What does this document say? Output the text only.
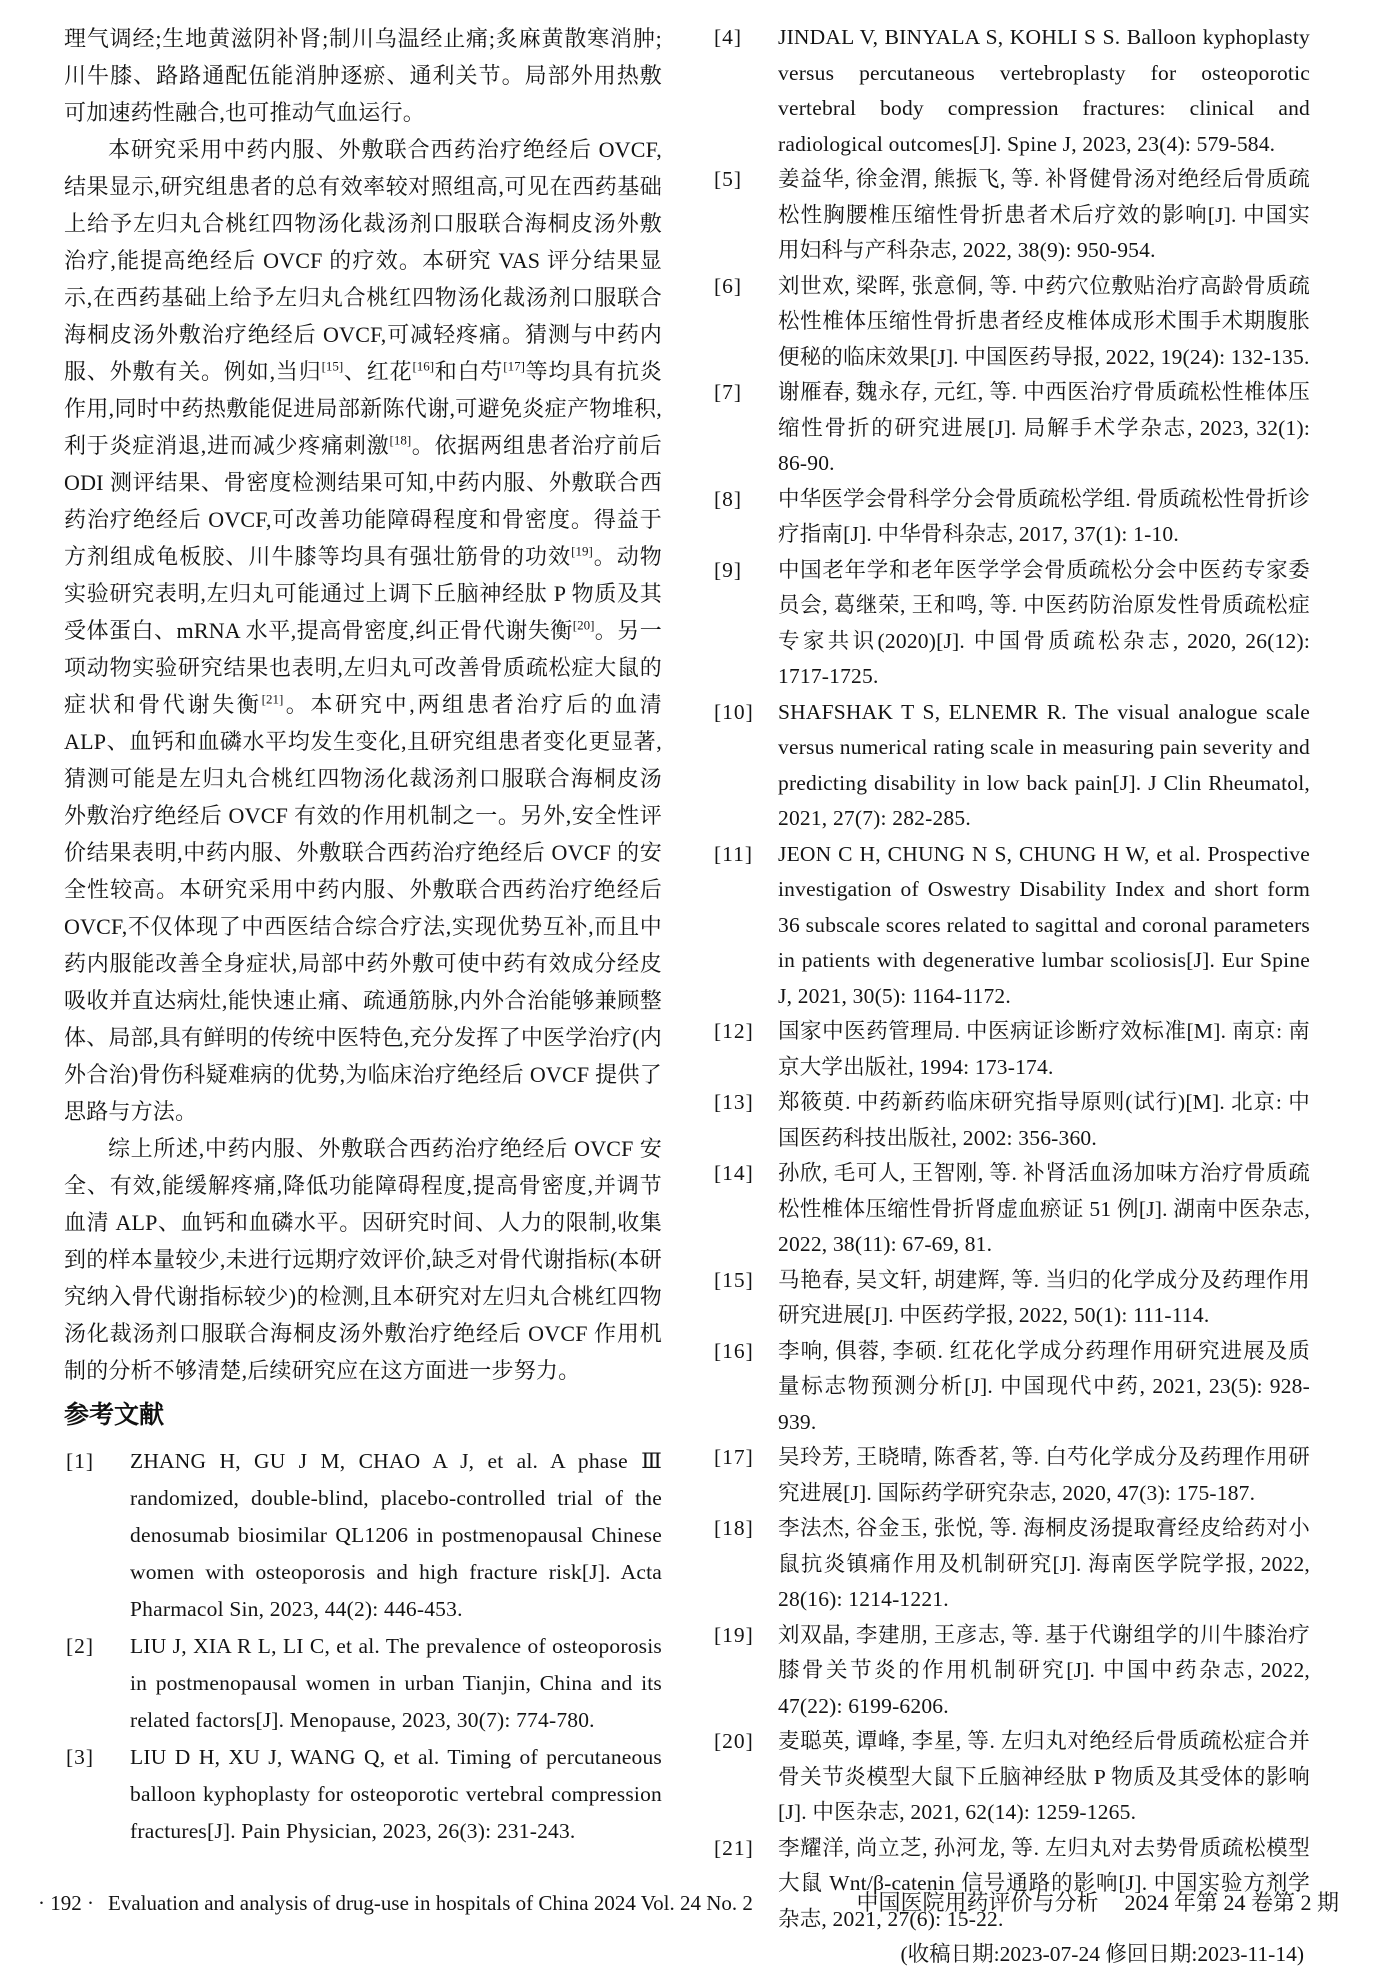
理气调经;生地黄滋阴补肾;制川乌温经止痛;炙麻黄散寒消肿;川牛膝、路路通配伍能消肿逐瘀、通利关节。局部外用热敷可加速药性融合,也可推动气血运行。

本研究采用中药内服、外敷联合西药治疗绝经后 OVCF,结果显示,研究组患者的总有效率较对照组高,可见在西药基础上给予左归丸合桃红四物汤化裁汤剂口服联合海桐皮汤外敷治疗,能提高绝经后 OVCF 的疗效。本研究 VAS 评分结果显示,在西药基础上给予左归丸合桃红四物汤化裁汤剂口服联合海桐皮汤外敷治疗绝经后 OVCF,可减轻疼痛。猜测与中药内服、外敷有关。例如,当归[15]、红花[16]和白芍[17]等均具有抗炎作用,同时中药热敷能促进局部新陈代谢,可避免炎症产物堆积,利于炎症消退,进而减少疼痛刺激[18]。依据两组患者治疗前后 ODI 测评结果、骨密度检测结果可知,中药内服、外敷联合西药治疗绝经后 OVCF,可改善功能障碍程度和骨密度。得益于方剂组成龟板胶、川牛膝等均具有强壮筋骨的功效[19]。动物实验研究表明,左归丸可能通过上调下丘脑神经肽 P 物质及其受体蛋白、mRNA 水平,提高骨密度,纠正骨代谢失衡[20]。另一项动物实验研究结果也表明,左归丸可改善骨质疏松症大鼠的症状和骨代谢失衡[21]。本研究中,两组患者治疗后的血清 ALP、血钙和血磷水平均发生变化,且研究组患者变化更显著,猜测可能是左归丸合桃红四物汤化裁汤剂口服联合海桐皮汤外敷治疗绝经后 OVCF 有效的作用机制之一。另外,安全性评价结果表明,中药内服、外敷联合西药治疗绝经后 OVCF 的安全性较高。本研究采用中药内服、外敷联合西药治疗绝经后 OVCF,不仅体现了中西医结合综合疗法,实现优势互补,而且中药内服能改善全身症状,局部中药外敷可使中药有效成分经皮吸收并直达病灶,能快速止痛、疏通筋脉,内外合治能够兼顾整体、局部,具有鲜明的传统中医特色,充分发挥了中医学治疗(内外合治)骨伤科疑难病的优势,为临床治疗绝经后 OVCF 提供了思路与方法。

综上所述,中药内服、外敷联合西药治疗绝经后 OVCF 安全、有效,能缓解疼痛,降低功能障碍程度,提高骨密度,并调节血清 ALP、血钙和血磷水平。因研究时间、人力的限制,收集到的样本量较少,未进行远期疗效评价,缺乏对骨代谢指标(本研究纳入骨代谢指标较少)的检测,且本研究对左归丸合桃红四物汤化裁汤剂口服联合海桐皮汤外敷治疗绝经后 OVCF 作用机制的分析不够清楚,后续研究应在这方面进一步努力。

参考文献
[1] ZHANG H, GU J M, CHAO A J, et al. A phase Ⅲ randomized, double-blind, placebo-controlled trial of the denosumab biosimilar QL1206 in postmenopausal Chinese women with osteoporosis and high fracture risk[J]. Acta Pharmacol Sin, 2023, 44(2): 446-453.
[2] LIU J, XIA R L, LI C, et al. The prevalence of osteoporosis in postmenopausal women in urban Tianjin, China and its related factors[J]. Menopause, 2023, 30(7): 774-780.
[3] LIU D H, XU J, WANG Q, et al. Timing of percutaneous balloon kyphoplasty for osteoporotic vertebral compression fractures[J]. Pain Physician, 2023, 26(3): 231-243.
[4] JINDAL V, BINYALA S, KOHLI S S. Balloon kyphoplasty versus percutaneous vertebroplasty for osteoporotic vertebral body compression fractures: clinical and radiological outcomes[J]. Spine J, 2023, 23(4): 579-584.
[5] 姜益华, 徐金渭, 熊振飞, 等. 补肾健骨汤对绝经后骨质疏松性胸腰椎压缩性骨折患者术后疗效的影响[J]. 中国实用妇科与产科杂志, 2022, 38(9): 950-954.
[6] 刘世欢, 梁晖, 张意侗, 等. 中药穴位敷贴治疗高龄骨质疏松性椎体压缩性骨折患者经皮椎体成形术围手术期腹胀便秘的临床效果[J]. 中国医药导报, 2022, 19(24): 132-135.
[7] 谢雁春, 魏永存, 元红, 等. 中西医治疗骨质疏松性椎体压缩性骨折的研究进展[J]. 局解手术学杂志, 2023, 32(1): 86-90.
[8] 中华医学会骨科学分会骨质疏松学组. 骨质疏松性骨折诊疗指南[J]. 中华骨科杂志, 2017, 37(1): 1-10.
[9] 中国老年学和老年医学学会骨质疏松分会中医药专家委员会, 葛继荣, 王和鸣, 等. 中医药防治原发性骨质疏松症专家共识(2020)[J]. 中国骨质疏松杂志, 2020, 26(12): 1717-1725.
[10] SHAFSHAK T S, ELNEMR R. The visual analogue scale versus numerical rating scale in measuring pain severity and predicting disability in low back pain[J]. J Clin Rheumatol, 2021, 27(7): 282-285.
[11] JEON C H, CHUNG N S, CHUNG H W, et al. Prospective investigation of Oswestry Disability Index and short form 36 subscale scores related to sagittal and coronal parameters in patients with degenerative lumbar scoliosis[J]. Eur Spine J, 2021, 30(5): 1164-1172.
[12] 国家中医药管理局. 中医病证诊断疗效标准[M]. 南京: 南京大学出版社, 1994: 173-174.
[13] 郑筱萸. 中药新药临床研究指导原则(试行)[M]. 北京: 中国医药科技出版社, 2002: 356-360.
[14] 孙欣, 毛可人, 王智刚, 等. 补肾活血汤加味方治疗骨质疏松性椎体压缩性骨折肾虚血瘀证 51 例[J]. 湖南中医杂志, 2022, 38(11): 67-69, 81.
[15] 马艳春, 吴文轩, 胡建辉, 等. 当归的化学成分及药理作用研究进展[J]. 中医药学报, 2022, 50(1): 111-114.
[16] 李响, 俱蓉, 李硕. 红花化学成分药理作用研究进展及质量标志物预测分析[J]. 中国现代中药, 2021, 23(5): 928-939.
[17] 吴玲芳, 王晓晴, 陈香茗, 等. 白芍化学成分及药理作用研究进展[J]. 国际药学研究杂志, 2020, 47(3): 175-187.
[18] 李法杰, 谷金玉, 张悦, 等. 海桐皮汤提取膏经皮给药对小鼠抗炎镇痛作用及机制研究[J]. 海南医学院学报, 2022, 28(16): 1214-1221.
[19] 刘双晶, 李建朋, 王彦志, 等. 基于代谢组学的川牛膝治疗膝骨关节炎的作用机制研究[J]. 中国中药杂志, 2022, 47(22): 6199-6206.
[20] 麦聪英, 谭峰, 李星, 等. 左归丸对绝经后骨质疏松症合并骨关节炎模型大鼠下丘脑神经肽 P 物质及其受体的影响[J]. 中医杂志, 2021, 62(14): 1259-1265.
[21] 李耀洋, 尚立芝, 孙河龙, 等. 左归丸对去势骨质疏松模型大鼠 Wnt/β-catenin 信号通路的影响[J]. 中国实验方剂学杂志, 2021, 27(6): 15-22.
(收稿日期:2023-07-24 修回日期:2023-11-14)
· 192 · Evaluation and analysis of drug-use in hospitals of China 2024 Vol. 24 No. 2	中国医院用药评价与分析 2024 年第 24 卷第 2 期
